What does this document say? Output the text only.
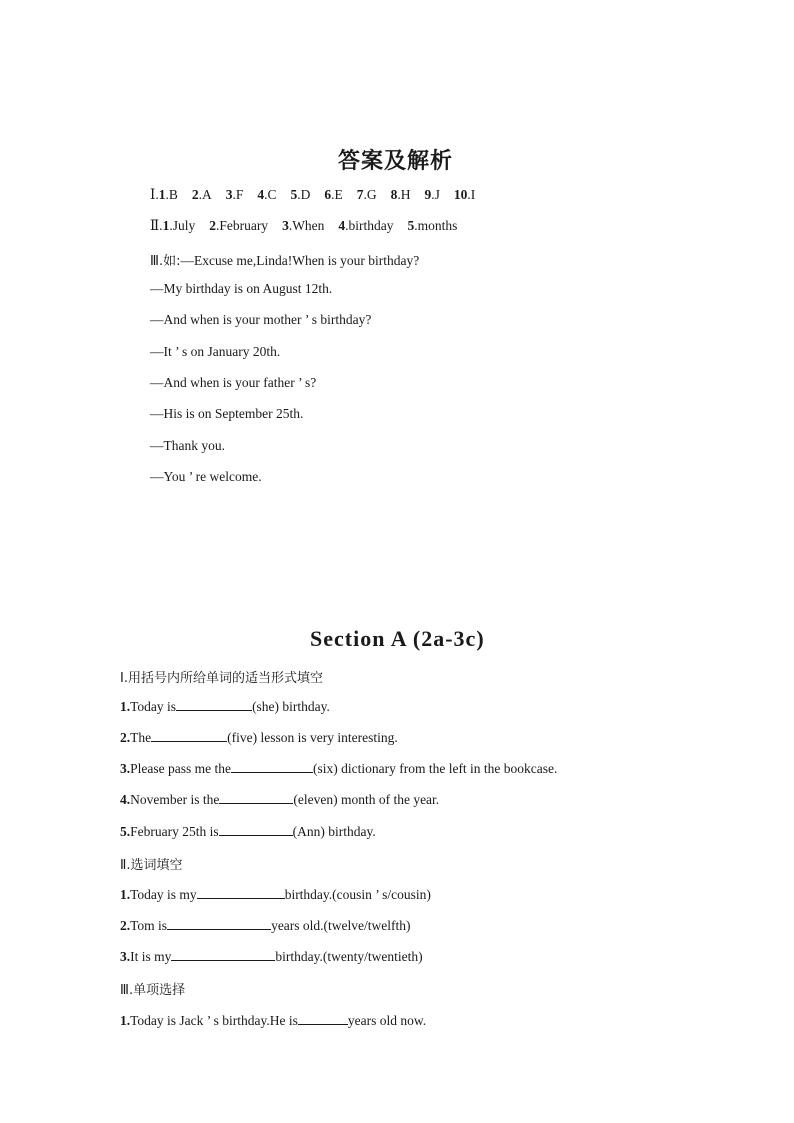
答案及解析
Ⅰ.1.B 2.A 3.F 4.C 5.D 6.E 7.G 8.H 9.J 10.I
Ⅱ.1.July 2.February 3.When 4.birthday 5.months
Ⅲ.如:—Excuse me,Linda!When is your birthday?
—My birthday is on August 12th.
—And when is your mother ’ s birthday?
—It ’ s on January 20th.
—And when is your father ’ s?
—His is on September 25th.
—Thank you.
—You ’ re welcome.
Section A (2a-3c)
Ⅰ.用括号内所给单词的适当形式填空
1.Today is	(she) birthday.
2.The	(five) lesson is very interesting.
3.Please pass me the	(six) dictionary from the left in the bookcase.
4.November is the	(eleven) month of the year.
5.February 25th is	(Ann) birthday.
Ⅱ.选词填空
1.Today is my	birthday.(cousin ’ s/cousin)
2.Tom is	years old.(twelve/twelfth)
3.It is my	birthday.(twenty/twentieth)
Ⅲ.单项选择
1.Today is Jack ’ s birthday.He is	years old now.
